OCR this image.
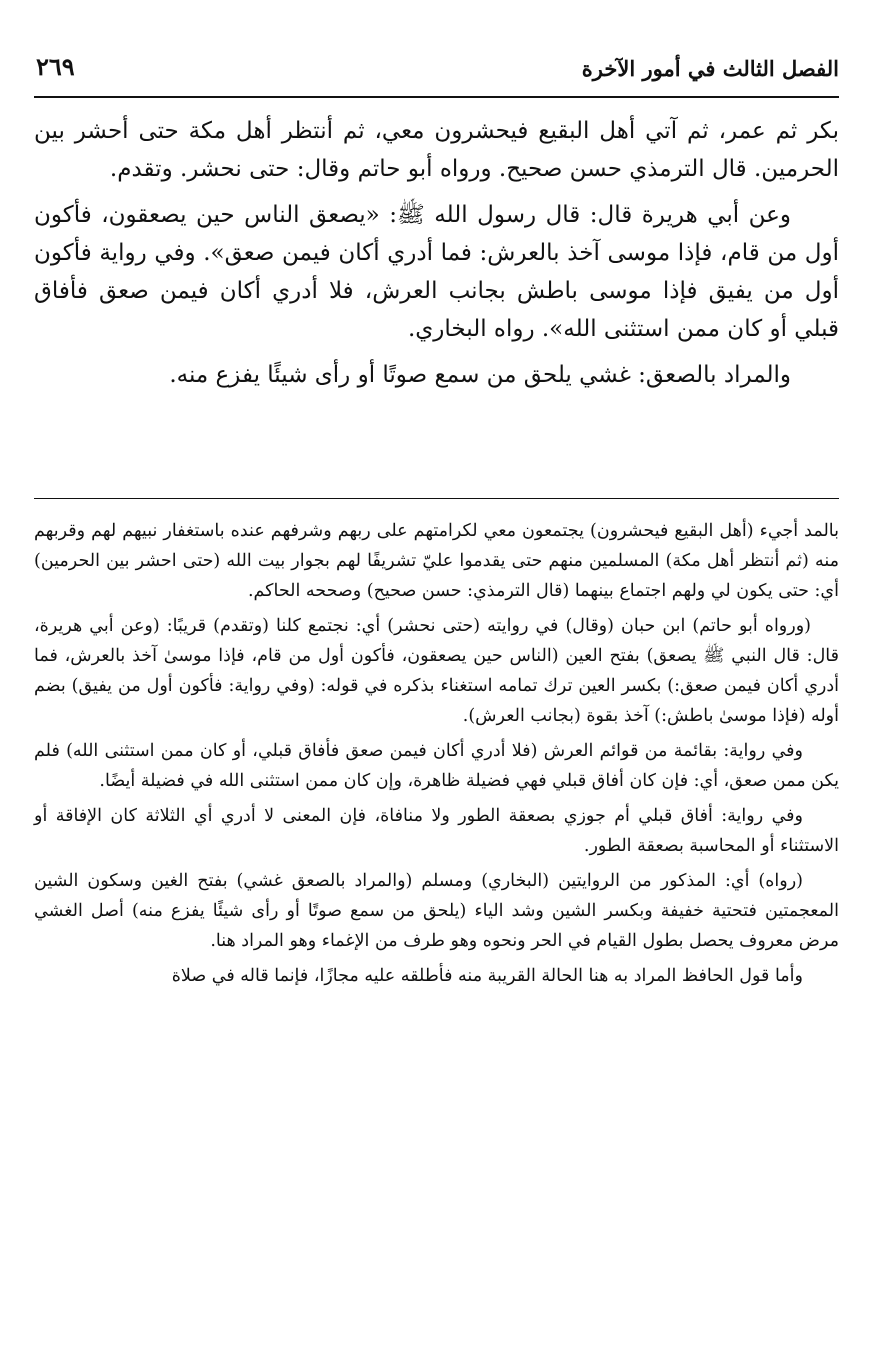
الفصل الثالث في أمور الآخرة
٢٦٩

بكر ثم عمر، ثم آتي أهل البقيع فيحشرون معي، ثم أنتظر أهل مكة حتى أحشر بين الحرمين. قال الترمذي حسن صحيح. ورواه أبو حاتم وقال: حتى نحشر. وتقدم.

وعن أبي هريرة قال: قال رسول الله ﷺ: «يصعق الناس حين يصعقون، فأكون أول من قام، فإذا موسى آخذ بالعرش: فما أدري أكان فيمن صعق». وفي رواية فأكون أول من يفيق فإذا موسى باطش بجانب العرش، فلا أدري أكان فيمن صعق فأفاق قبلي أو كان ممن استثنى الله». رواه البخاري.

والمراد بالصعق: غشي يلحق من سمع صوتًا أو رأى شيئًا يفزع منه.

بالمد أجيء (أهل البقيع فيحشرون) يجتمعون معي لكرامتهم على ربهم وشرفهم عنده باستغفار نبيهم لهم وقربهم منه (ثم أنتظر أهل مكة) المسلمين منهم حتى يقدموا عليّ تشريفًا لهم بجوار بيت الله (حتى احشر بين الحرمين) أي: حتى يكون لي ولهم اجتماع بينهما (قال الترمذي: حسن صحيح) وصححه الحاكم.

(ورواه أبو حاتم) ابن حبان (وقال) في روايته (حتى نحشر) أي: نجتمع كلنا (وتقدم) قريبًا: (وعن أبي هريرة، قال: قال النبي ﷺ يصعق) بفتح العين (الناس حين يصعقون، فأكون أول من قام، فإذا موسىٰ آخذ بالعرش، فما أدري أكان فيمن صعق:) بكسر العين ترك تمامه استغناء بذكره في قوله: (وفي رواية: فأكون أول من يفيق) بضم أوله (فإذا موسىٰ باطش:) آخذ بقوة (بجانب العرش).

وفي رواية: بقائمة من قوائم العرش (فلا أدري أكان فيمن صعق فأفاق قبلي، أو كان ممن استثنى الله) فلم يكن ممن صعق، أي: فإن كان أفاق قبلي فهي فضيلة ظاهرة، وإن كان ممن استثنى الله في فضيلة أيضًا.

وفي رواية: أفاق قبلي أم جوزي بصعقة الطور ولا منافاة، فإن المعنى لا أدري أي الثلاثة كان الإفاقة أو الاستثناء أو المحاسبة بصعقة الطور.

(رواه) أي: المذكور من الروايتين (البخاري) ومسلم (والمراد بالصعق غشي) بفتح الغين وسكون الشين المعجمتين فتحتية خفيفة وبكسر الشين وشد الياء (يلحق من سمع صوتًا أو رأى شيئًا يفزع منه) أصل الغشي مرض معروف يحصل بطول القيام في الحر ونحوه وهو طرف من الإغماء وهو المراد هنا.

وأما قول الحافظ المراد به هنا الحالة القريبة منه فأطلقه عليه مجازًا، فإنما قاله في صلاة
